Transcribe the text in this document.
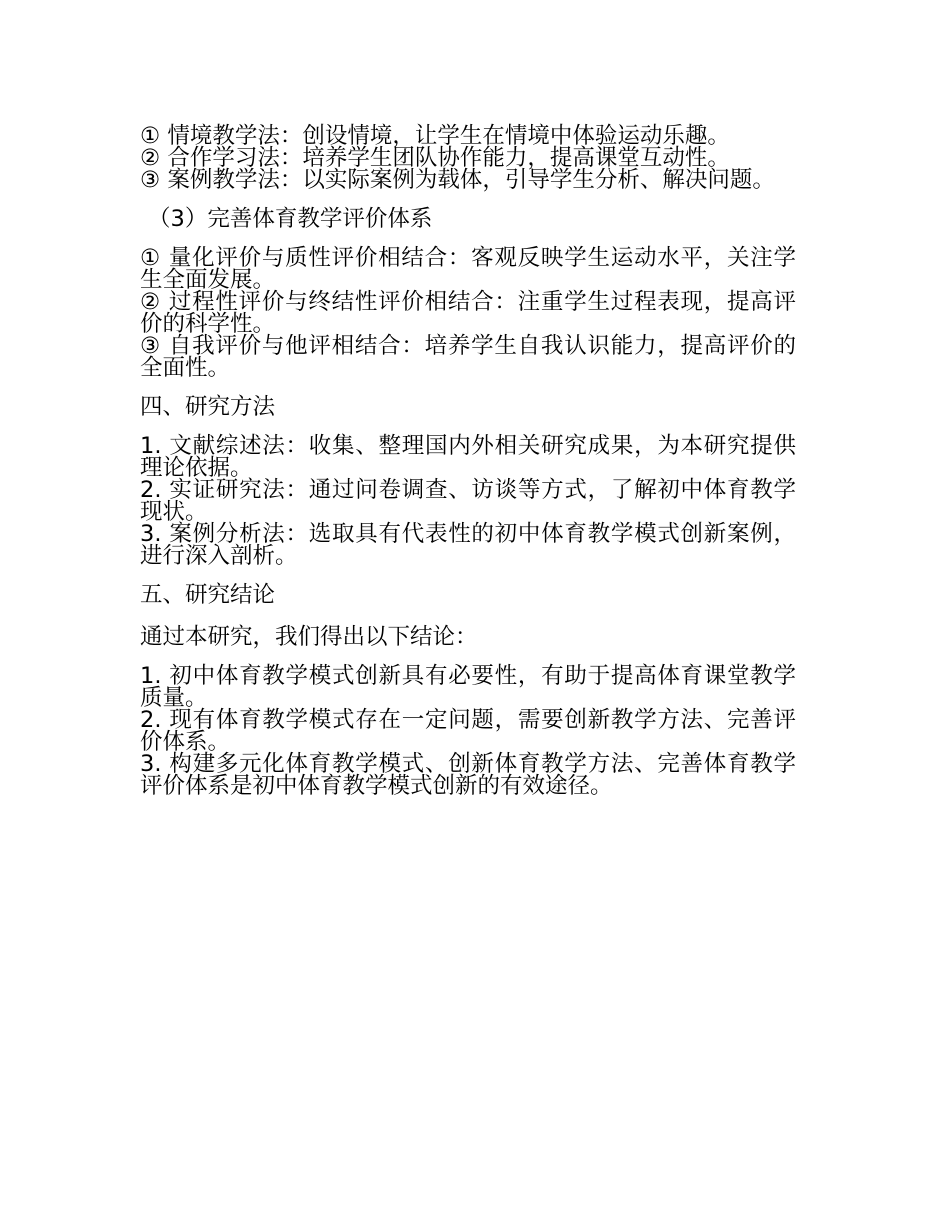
① 情境教学法：创设情境，让学生在情境中体验运动乐趣。

② 合作学习法：培养学生团队协作能力，提高课堂互动性。

③ 案例教学法：以实际案例为载体，引导学生分析、解决问题。

（3）完善体育教学评价体系

① 量化评价与质性评价相结合：客观反映学生运动水平，关注学生全面发展。

② 过程性评价与终结性评价相结合：注重学生过程表现，提高评价的科学性。

③ 自我评价与他评相结合：培养学生自我认识能力，提高评价的全面性。

四、研究方法

1. 文献综述法：收集、整理国内外相关研究成果，为本研究提供理论依据。

2. 实证研究法：通过问卷调查、访谈等方式，了解初中体育教学现状。

3. 案例分析法：选取具有代表性的初中体育教学模式创新案例，进行深入剖析。

五、研究结论

通过本研究，我们得出以下结论：

1. 初中体育教学模式创新具有必要性，有助于提高体育课堂教学质量。

2. 现有体育教学模式存在一定问题，需要创新教学方法、完善评价体系。

3. 构建多元化体育教学模式、创新体育教学方法、完善体育教学评价体系是初中体育教学模式创新的有效途径。
